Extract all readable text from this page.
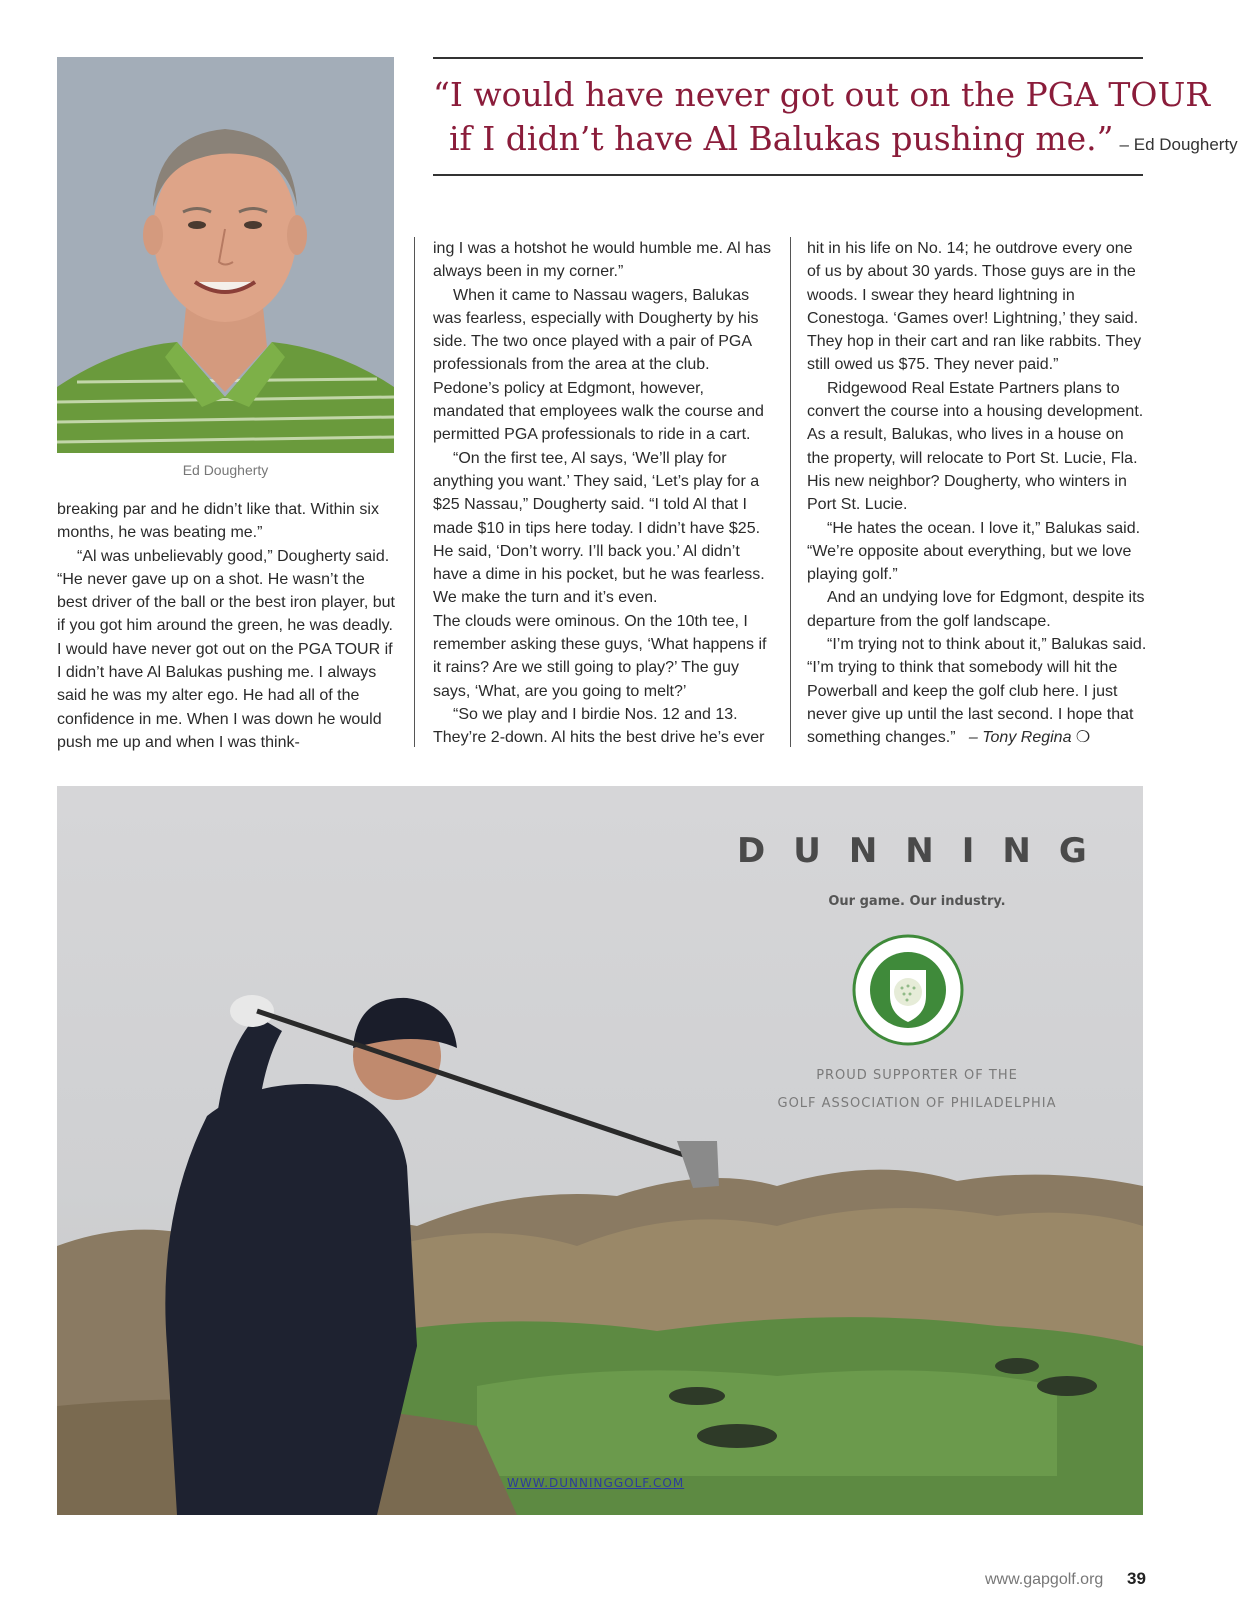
Ed Dougherty
“I would have never got out on the PGA TOUR
if I didn’t have Al Balukas pushing me.” – Ed Dougherty

breaking par and he didn’t like that. Within six months, he was beating me.”

“Al was unbelievably good,” Dougherty said. “He never gave up on a shot. He wasn’t the best driver of the ball or the best iron player, but if you got him around the green, he was deadly. I would have never got out on the PGA TOUR if I didn’t have Al Balukas pushing me. I always said he was my alter ego. He had all of the confidence in me. When I was down he would push me up and when I was think-

ing I was a hotshot he would humble me. Al has always been in my corner.”

When it came to Nassau wagers, Balukas was fearless, especially with Dougherty by his side. The two once played with a pair of PGA professionals from the area at the club. Pedone’s policy at Edgmont, however, mandated that employees walk the course and permitted PGA professionals to ride in a cart.

“On the first tee, Al says, ‘We’ll play for anything you want.’ They said, ‘Let’s play for a $25 Nassau,” Dougherty said. “I told Al that I made $10 in tips here today. I didn’t have $25. He said, ‘Don’t worry. I’ll back you.’ Al didn’t have a dime in his pocket, but he was fearless. We make the turn and it’s even.

The clouds were ominous. On the 10th tee, I remember asking these guys, ‘What happens if it rains? Are we still going to play?’ The guy says, ‘What, are you going to melt?’

“So we play and I birdie Nos. 12 and 13. They’re 2-down. Al hits the best drive he’s ever

hit in his life on No. 14; he outdrove every one of us by about 30 yards. Those guys are in the woods. I swear they heard lightning in Conestoga. ‘Games over! Lightning,’ they said. They hop in their cart and ran like rabbits. They still owed us $75. They never paid.”

Ridgewood Real Estate Partners plans to convert the course into a housing development. As a result, Balukas, who lives in a house on the property, will relocate to Port St. Lucie, Fla. His new neighbor? Dougherty, who winters in Port St. Lucie.

“He hates the ocean. I love it,” Balukas said. “We’re opposite about everything, but we love playing golf.”

And an undying love for Edgmont, despite its departure from the golf landscape.

“I’m trying not to think about it,” Balukas said. “I’m trying to think that somebody will hit the Powerball and keep the golf club here. I just never give up until the last second. I hope that something changes.” – Tony Regina ❍

DUNNING
Our game. Our industry.
PROUD SUPPORTER OF THE
GOLF ASSOCIATION OF PHILADELPHIA
WWW.DUNNINGGOLF.COM
www.gapgolf.org 39
